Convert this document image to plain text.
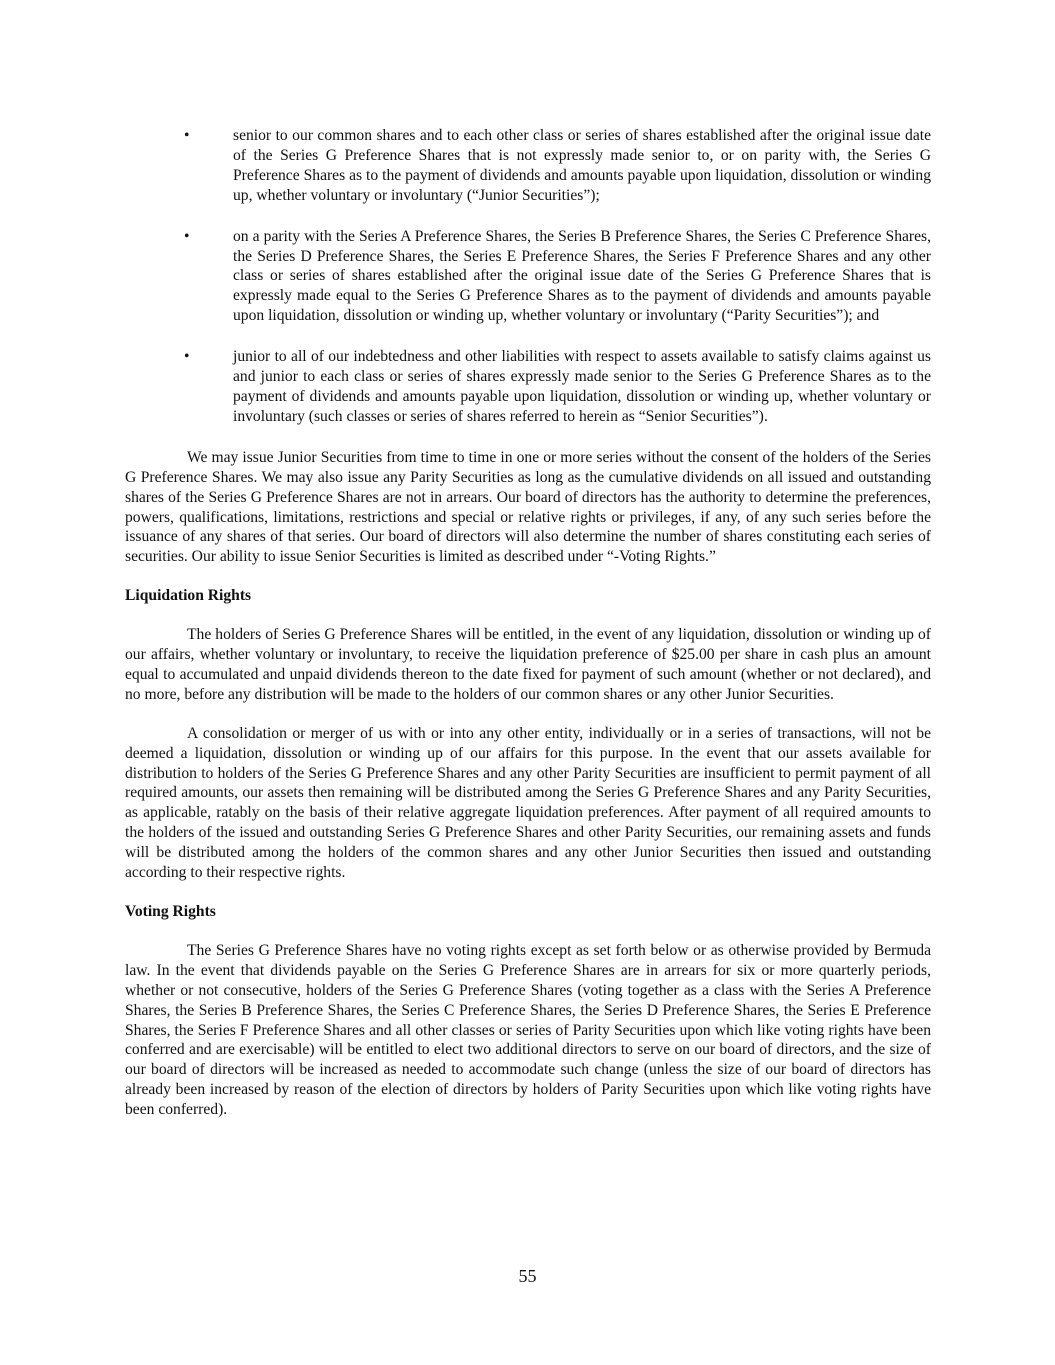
•	senior to our common shares and to each other class or series of shares established after the original issue date of the Series G Preference Shares that is not expressly made senior to, or on parity with, the Series G Preference Shares as to the payment of dividends and amounts payable upon liquidation, dissolution or winding up, whether voluntary or involuntary (“Junior Securities”);
•	on a parity with the Series A Preference Shares, the Series B Preference Shares, the Series C Preference Shares, the Series D Preference Shares, the Series E Preference Shares, the Series F Preference Shares and any other class or series of shares established after the original issue date of the Series G Preference Shares that is expressly made equal to the Series G Preference Shares as to the payment of dividends and amounts payable upon liquidation, dissolution or winding up, whether voluntary or involuntary (“Parity Securities”); and
•	junior to all of our indebtedness and other liabilities with respect to assets available to satisfy claims against us and junior to each class or series of shares expressly made senior to the Series G Preference Shares as to the payment of dividends and amounts payable upon liquidation, dissolution or winding up, whether voluntary or involuntary (such classes or series of shares referred to herein as “Senior Securities”).

We may issue Junior Securities from time to time in one or more series without the consent of the holders of the Series G Preference Shares. We may also issue any Parity Securities as long as the cumulative dividends on all issued and outstanding shares of the Series G Preference Shares are not in arrears. Our board of directors has the authority to determine the preferences, powers, qualifications, limitations, restrictions and special or relative rights or privileges, if any, of any such series before the issuance of any shares of that series. Our board of directors will also determine the number of shares constituting each series of securities. Our ability to issue Senior Securities is limited as described under “-Voting Rights.”

Liquidation Rights

The holders of Series G Preference Shares will be entitled, in the event of any liquidation, dissolution or winding up of our affairs, whether voluntary or involuntary, to receive the liquidation preference of $25.00 per share in cash plus an amount equal to accumulated and unpaid dividends thereon to the date fixed for payment of such amount (whether or not declared), and no more, before any distribution will be made to the holders of our common shares or any other Junior Securities.

A consolidation or merger of us with or into any other entity, individually or in a series of transactions, will not be deemed a liquidation, dissolution or winding up of our affairs for this purpose. In the event that our assets available for distribution to holders of the Series G Preference Shares and any other Parity Securities are insufficient to permit payment of all required amounts, our assets then remaining will be distributed among the Series G Preference Shares and any Parity Securities, as applicable, ratably on the basis of their relative aggregate liquidation preferences. After payment of all required amounts to the holders of the issued and outstanding Series G Preference Shares and other Parity Securities, our remaining assets and funds will be distributed among the holders of the common shares and any other Junior Securities then issued and outstanding according to their respective rights.

Voting Rights

The Series G Preference Shares have no voting rights except as set forth below or as otherwise provided by Bermuda law. In the event that dividends payable on the Series G Preference Shares are in arrears for six or more quarterly periods, whether or not consecutive, holders of the Series G Preference Shares (voting together as a class with the Series A Preference Shares, the Series B Preference Shares, the Series C Preference Shares, the Series D Preference Shares, the Series E Preference Shares, the Series F Preference Shares and all other classes or series of Parity Securities upon which like voting rights have been conferred and are exercisable) will be entitled to elect two additional directors to serve on our board of directors, and the size of our board of directors will be increased as needed to accommodate such change (unless the size of our board of directors has already been increased by reason of the election of directors by holders of Parity Securities upon which like voting rights have been conferred).

55
